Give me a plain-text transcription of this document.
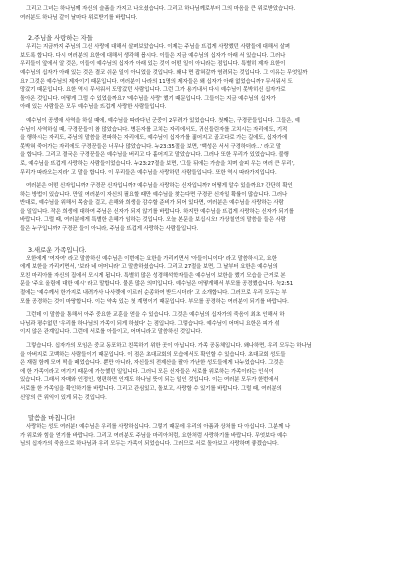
그리고 그녀는 하나님께 자신의 슬픔을 가지고 나오셨습니다. 그리고 하나님께로부터 그의 마음을 큰 위로받았습니다.
여러분도 하나님 같이 날마다 위로받기를 바랍니다.
2.주님을 사랑하는 자들
우리는 지금까지 주님의 그신 사랑에 대해서 살펴보았습니다. 이제는 주님을 뜨겁게 사랑했던 사람들에 대해서 살펴
보도록 합니다. 다시 여러분의 요한에 대해서 생각해 봅시다. 이들은 지금 예수님의 십자가 아래 서 있습니다. 그러나
우리들이 앞에서 알 것은, 이들이 예수님의 십자가 아래 있는 것이 어떤 일이 아니라는 점입니다. 특별히 제자 요한이
예수님의 십자가 아래 있는 것은 결코 쉬운 일이 아니었을 것입니다. 왜냐 면 잡혀갈까 염려되는 것입니다. 그 이유는 무엇일까
요? 그것은 예수님의 제자이기 때문입니다. 여러분이 나라의 11명의 제자들은 왜 십자가 아래 없었습니까? 무서워서 도
망갔기 때문입니다. 요한 역시 무서워서 도망갔던 사람입니다. 그런 그가 용기내서 다시 예수님이 못박히신 십자가로
돌아온 것입니다. 어떻게 그럴 수 있었을까요? '예수님을 사랑' 했기 때문입니다. 그들이는 지금 예수님의 십자가
아래 있는 사람들은 모두 예수님을 뜨겁게 사랑한 사람들입니다.
예수님이 공생애 사역을 하실 때에, 예수님을 따라다닌 군중이 2무려가 있었습니다. 첫째는, 구경꾼들입니다. 그들은, 예
수님이 사역하실 때, 구경꾼들이 참 많았습니다. 병든자를 고치는 자리에서도, 귀신들린자를 고치시는 자리에도, 기적
을 행하시는 자리도, 주님의 말씀을 전파하는 자리에도, 예수님이 십자가를 짊어지고 골고다로 가는 길에도, 십자가에
못박혀 죽어가는 자리에도 구경꾼들은 너무나 많았습니다. 누23:35절을 보면, '백성은 서서 구경하더라...' 라고 말
을 합니다. 그리고 결국은 구경꾼들은 예수님을 버리고 다 흩어지고 말았습니다. 그러나 또한 무리가 있었습니다. 불행
로, 예수님을 뜨겁게 사랑하는 사람들이었습니다. 누23:27절을 보면, '그들 뒤에는 가슴을 치며 슬피 우는 여러 큰 무리',
무리가 따라오는지라' 고 말을 합니다. 이 무리들은 예수님을 사랑하던 사람들입니다. 또한 역시 따라가지입니다.
여러분은 어떤 신자입니까? 구경꾼 신자입니까? 예수님을 사랑하는 신자입니까? 어떻게 알수 있을까요? 간단히 확인
하는 방법이 있습니다. 만일 여러분이 자신의 필요할 때만 예수님을 찾는다면 구경꾼 신자일 확률이 많습니다. 그러나
반대로, 예수님을 위해서 목숨을 걸고, 손해와 희생을 감수할 준비가 되어 있다면, 여러분은 예수님을 사랑하는 사람
을 일입니다. 작은 희생에 대하여 주님은 신자가 되지 않기를 바랍니다. 하지만 예수님을 뜨겁게 사랑하는 신자가 되기를
바랍니다. 그럴 때, 여러분에게 특별한 은혜가 임하는 것입니다. 오늘 본문을 보십시오! 가상칠언의 말씀을 들은 사람
들은 누구입니까? 구경꾼 들이 아니라, 주님을 뜨겁게 사랑하는 사람들입니다.
3.새로운 가족입니다.
오한에게 '여자여' 라고 말씀하신 예수님은 이번에는 요한을 가리키면서 '아들이니이다' 라고 말씀하시고, 요한
에게 보한을 가리키면서, '보라 네 어머니라' 고 말씀하셨습니다. 그리고 27절을 보면, 그 날부터 요한은 예수님의
모친 마리아를 자신의 집에서 모시게 됩니다. 특별히 많은 성경해석학자들은 예수님이 보한을 했기 모습을 근거로 본
문을 '주요 올림에 대한 예시' 라고 말합니다. 물론 많은 의미입니다. 예수님은 어떻게해서 부모를 공경했습니다. 눅2:51
절에는 '예수께서 한가지로 내려가사 나사렛에 이르러 순종하여 받드시더라' 고 소개합니다. 그러므로 우리 모두는 부
모를 공경하는 것이 마땅합니다. 이는 약속 있는 첫 계명이기 때문입니다. 부모를 공경하는 여러분이 되기를 바랍니다.
그런데 이 말씀을 통해서 아주 중요한 교훈을 얻을 수 있습니다. 그것은 예수님의 십자가의 죽음이 최초 인해서 하
나님과 평수없던 '우리를 하나님의 가족이 되게 하셨다' 는 점입니다. 그렇습니다. 예수님이 어머니 요한은 피가 섞
이지 않은 관계입니다. 그런데 서로를 아들이고, 어머니라고 말씀하신 것입니다.
그렇습니다. 십자가의 모임은 중교 동포하고 친목하기 위한 곳이 아닙니다. 가족 공동체입니다. 왜나하면, 우리 모두는 하나님
을 아버지로 고백하는 사람들이기 때문입니다. 이 점은 초대교회의 모습에서도 확인할 수 있습니다. 초대교회 성도들
은 재림 함께 모여 떡을 떼었습니다. 뿐만 아니라, 자신들의 전제산을 팔아 가난한 성도들에게 나누었습니다. 그것은
에 한 가족이라고 여기기 때문에 가능했던 일입니다. 그러니 모든 신자들은 서로를 위로하는 가족이라는 인식이
있습니다. 그래서 자매와 인정인, 형편하면 인계도 하나님 뜻이 되는 일인 것입니다. 이는 여러분 모두가 한번에서
서로를 한 가족임을 확인하기를 바랍니다. 그리고 관심있고, 돌보고, 사랑할 수 있기를 바랍니다. 그럴 때, 여러분의
신앙의 큰 위익이 있게 되는 것입니다.
말씀을 마칩니다!
사랑하는 성도 여러분! 예수님은 우리를 사랑하십니다. 그렇기 때문에 우리의 아픔과 상처를 다 아십니다. 그분께 나
가 위로와 힘을 얻기를 바랍니다. 그리고 여러분도 주님을 마리아처럼, 요한처럼 사랑하기를 바랍니다. 무엇보다 예수
님의 십자가의 죽음으로 하나님과 우리 모두는 가족이 되었습니다. 그러므로 서로 돌아보고 사랑하며 좋겠습니다.
